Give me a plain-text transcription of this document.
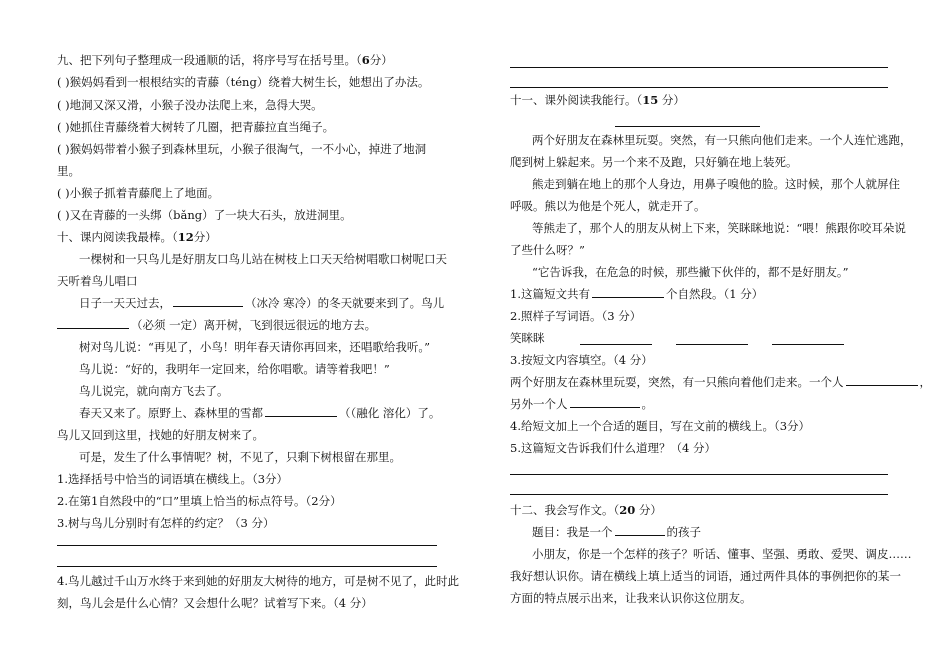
九、把下列句子整理成一段通顺的话，将序号写在括号里。（6分）
( )猴妈妈看到一根根结实的青藤（téng）绕着大树生长，她想出了办法。
( )地洞又深又滑，小猴子没办法爬上来，急得大哭。
( )她抓住青藤绕着大树转了几圈，把青藤拉直当绳子。
( )猴妈妈带着小猴子到森林里玩，小猴子很淘气，一不小心，掉进了地洞
里。
( )小猴子抓着青藤爬上了地面。
( )又在青藤的一头绑（bǎng）了一块大石头，放进洞里。
十、课内阅读我最棒。（12分）
一棵树和一只鸟儿是好朋友口鸟儿站在树枝上口天天给树唱歌口树呢口天
天听着鸟儿唱口
日子一天天过去，	（冰冷 寒冷）的冬天就要来到了。鸟儿
（必须 一定）离开树，飞到很远很远的地方去。
树对鸟儿说：“再见了，小鸟！明年春天请你再回来，还唱歌给我听。”
鸟儿说：“好的，我明年一定回来，给你唱歌。请等着我吧！”
鸟儿说完，就向南方飞去了。
春天又来了。原野上、森林里的雪都	（（融化 溶化）了。
鸟儿又回到这里，找她的好朋友树来了。
可是，发生了什么事情呢？树，不见了，只剩下树根留在那里。
1.选择括号中恰当的词语填在横线上。（3分）
2.在第1自然段中的“口”里填上恰当的标点符号。（2分）
3.树与鸟儿分别时有怎样的约定？（3 分）
4.鸟儿越过千山万水终于来到她的好朋友大树待的地方，可是树不见了，此时此
刻，鸟儿会是什么心情？又会想什么呢？试着写下来。（4 分）
十一、课外阅读我能行。（15 分）
两个好朋友在森林里玩耍。突然，有一只熊向他们走来。一个人连忙逃跑，
爬到树上躲起来。另一个来不及跑，只好躺在地上装死。
熊走到躺在地上的那个人身边，用鼻子嗅他的脸。这时候，那个人就屏住
呼吸。熊以为他是个死人，就走开了。
等熊走了，那个人的朋友从树上下来，笑眯眯地说：“喂！熊跟你咬耳朵说
了些什么呀？”
“它告诉我，在危急的时候，那些撇下伙伴的，都不是好朋友。”
1.这篇短文共有	个自然段。（1 分）
2.照样子写词语。（3 分）
笑眯眯
3.按短文内容填空。（4 分）
两个好朋友在森林里玩耍，突然，有一只熊向着他们走来。一个人	，
另外一个人	。
4.给短文加上一个合适的题目，写在文前的横线上。（3分）
5.这篇短文告诉我们什么道理？（4 分）
十二、我会写作文。（20 分）
题目：我是一个	的孩子
小朋友，你是一个怎样的孩子？听话、懂事、坚强、勇敢、爱哭、调皮……
我好想认识你。请在横线上填上适当的词语，通过两件具体的事例把你的某一
方面的特点展示出来，让我来认识你这位朋友。
